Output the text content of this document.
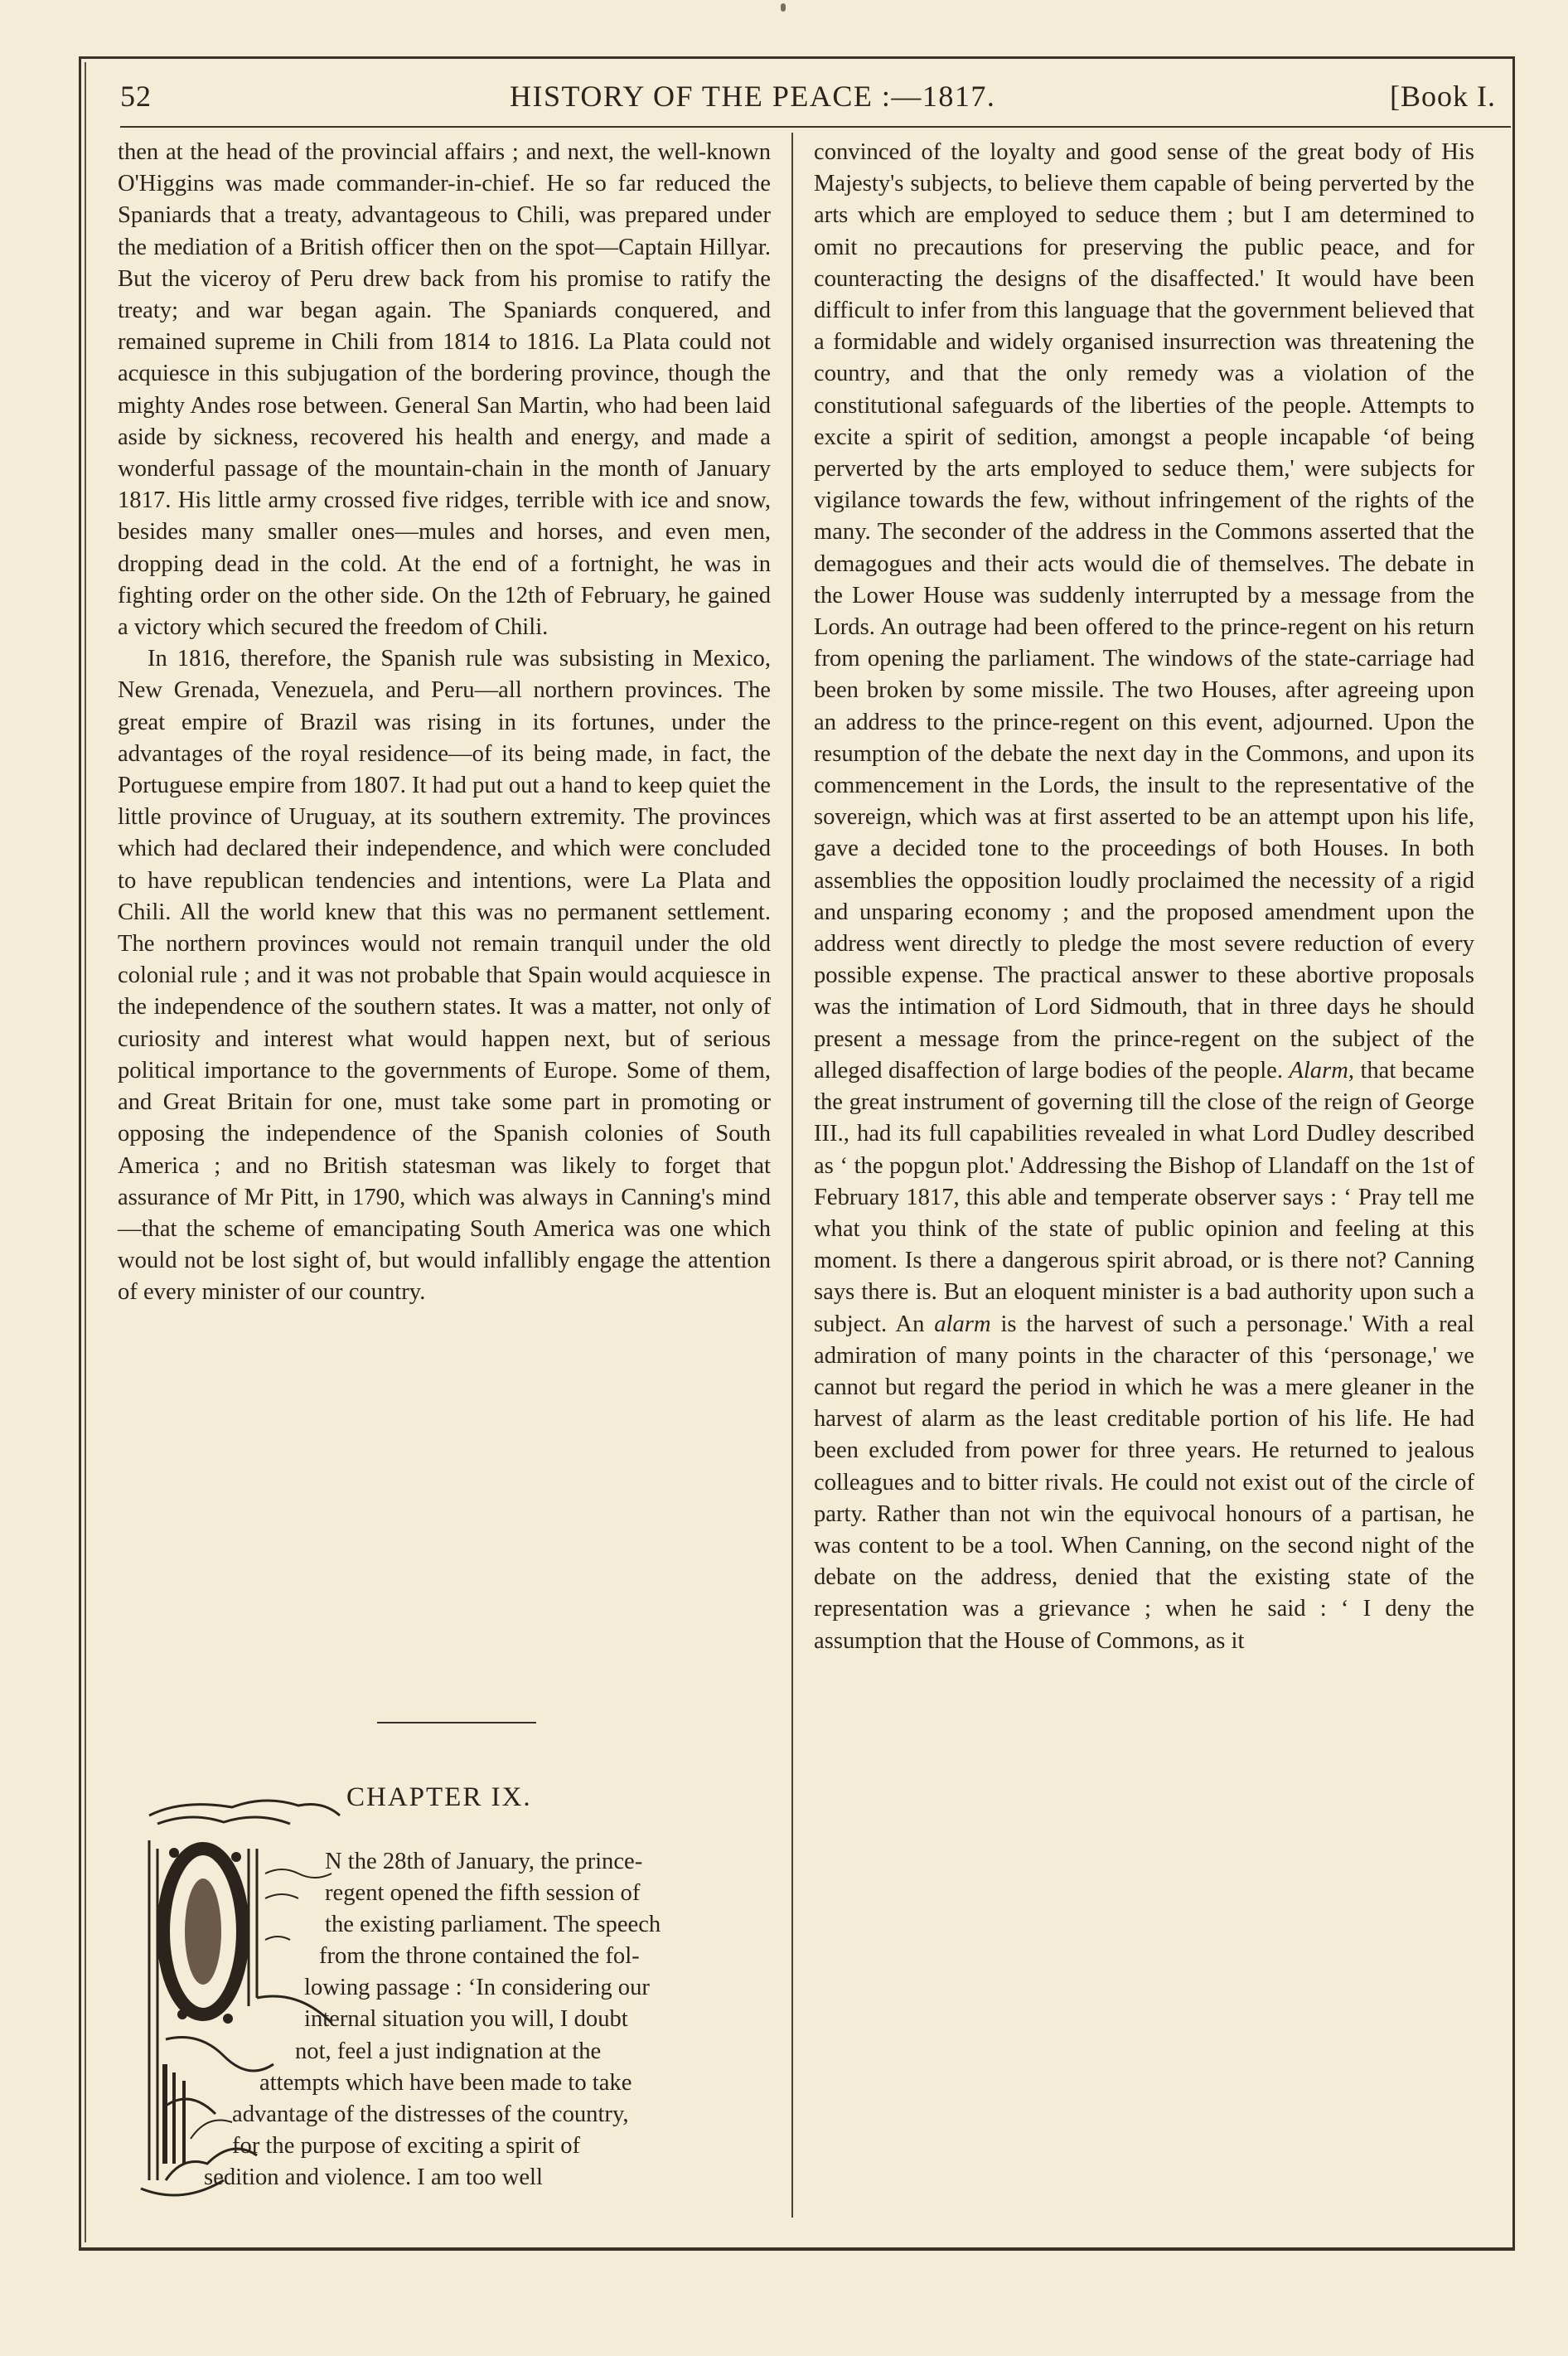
52	HISTORY OF THE PEACE :—1817.	[Book I.

then at the head of the provincial affairs ; and next, the well-known O'Higgins was made commander-in-chief. He so far reduced the Spaniards that a treaty, advantageous to Chili, was prepared under the mediation of a British officer then on the spot—Captain Hillyar. But the viceroy of Peru drew back from his promise to ratify the treaty; and war began again. The Spaniards conquered, and remained supreme in Chili from 1814 to 1816. La Plata could not acquiesce in this subjugation of the bordering province, though the mighty Andes rose between. General San Martin, who had been laid aside by sickness, recovered his health and energy, and made a wonderful passage of the mountain-chain in the month of January 1817. His little army crossed five ridges, terrible with ice and snow, besides many smaller ones—mules and horses, and even men, dropping dead in the cold. At the end of a fortnight, he was in fighting order on the other side. On the 12th of February, he gained a victory which secured the freedom of Chili.

In 1816, therefore, the Spanish rule was subsisting in Mexico, New Grenada, Venezuela, and Peru—all northern provinces. The great empire of Brazil was rising in its fortunes, under the advantages of the royal residence—of its being made, in fact, the Portuguese empire from 1807. It had put out a hand to keep quiet the little province of Uruguay, at its southern extremity. The provinces which had declared their independence, and which were concluded to have republican tendencies and intentions, were La Plata and Chili. All the world knew that this was no permanent settlement. The northern provinces would not remain tranquil under the old colonial rule ; and it was not probable that Spain would acquiesce in the independence of the southern states. It was a matter, not only of curiosity and interest what would happen next, but of serious political importance to the governments of Europe. Some of them, and Great Britain for one, must take some part in promoting or opposing the independence of the Spanish colonies of South America ; and no British statesman was likely to forget that assurance of Mr Pitt, in 1790, which was always in Canning's mind—that the scheme of emancipating South America was one which would not be lost sight of, but would infallibly engage the attention of every minister of our country.

CHAPTER IX.
N the 28th of January, the prince-
regent opened the fifth session of
the existing parliament. The speech
from the throne contained the fol-
lowing passage : ‘In considering our
internal situation you will, I doubt
not, feel a just indignation at the
attempts which have been made to take
advantage of the distresses of the country,
for the purpose of exciting a spirit of
sedition and violence. I am too well

convinced of the loyalty and good sense of the great body of His Majesty's subjects, to believe them capable of being perverted by the arts which are employed to seduce them ; but I am determined to omit no precautions for preserving the public peace, and for counteracting the designs of the disaffected.' It would have been difficult to infer from this language that the government believed that a formidable and widely organised insurrection was threatening the country, and that the only remedy was a violation of the constitutional safeguards of the liberties of the people. Attempts to excite a spirit of sedition, amongst a people incapable ‘of being perverted by the arts employed to seduce them,' were subjects for vigilance towards the few, without infringement of the rights of the many. The seconder of the address in the Commons asserted that the demagogues and their acts would die of themselves. The debate in the Lower House was suddenly interrupted by a message from the Lords. An outrage had been offered to the prince-regent on his return from opening the parliament. The windows of the state-carriage had been broken by some missile. The two Houses, after agreeing upon an address to the prince-regent on this event, adjourned. Upon the resumption of the debate the next day in the Commons, and upon its commencement in the Lords, the insult to the representative of the sovereign, which was at first asserted to be an attempt upon his life, gave a decided tone to the proceedings of both Houses. In both assemblies the opposition loudly proclaimed the necessity of a rigid and unsparing economy ; and the proposed amendment upon the address went directly to pledge the most severe reduction of every possible expense. The practical answer to these abortive proposals was the intimation of Lord Sidmouth, that in three days he should present a message from the prince-regent on the subject of the alleged disaffection of large bodies of the people. Alarm, that became the great instrument of governing till the close of the reign of George III., had its full capabilities revealed in what Lord Dudley described as ‘ the popgun plot.' Addressing the Bishop of Llandaff on the 1st of February 1817, this able and temperate observer says : ‘ Pray tell me what you think of the state of public opinion and feeling at this moment. Is there a dangerous spirit abroad, or is there not? Canning says there is. But an eloquent minister is a bad authority upon such a subject. An alarm is the harvest of such a personage.' With a real admiration of many points in the character of this ‘personage,' we cannot but regard the period in which he was a mere gleaner in the harvest of alarm as the least creditable portion of his life. He had been excluded from power for three years. He returned to jealous colleagues and to bitter rivals. He could not exist out of the circle of party. Rather than not win the equivocal honours of a partisan, he was content to be a tool. When Canning, on the second night of the debate on the address, denied that the existing state of the representation was a grievance ; when he said : ‘ I deny the assumption that the House of Commons, as it
